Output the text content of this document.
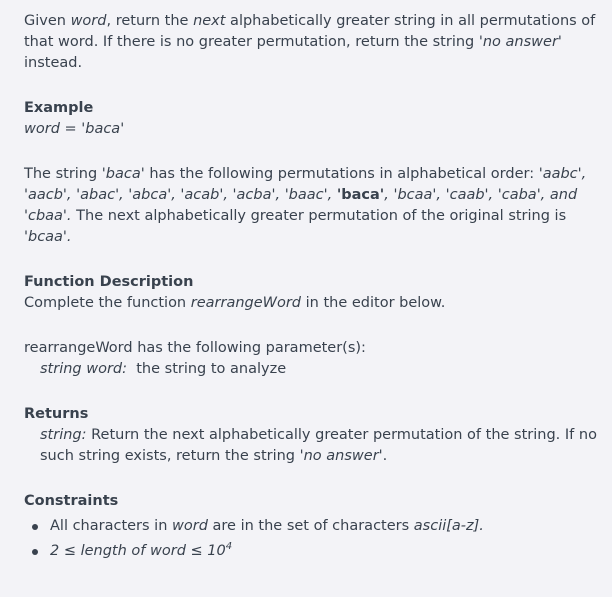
Given word, return the next alphabetically greater string in all permutations of that word. If there is no greater permutation, return the string 'no answer' instead.

Example

word = 'baca'

The string 'baca' has the following permutations in alphabetical order: 'aabc', 'aacb', 'abac', 'abca', 'acab', 'acba', 'baac', 'baca', 'bcaa', 'caab', 'caba', and 'cbaa'. The next alphabetically greater permutation of the original string is 'bcaa'.

Function Description

Complete the function rearrangeWord in the editor below.

rearrangeWord has the following parameter(s):

string word:  the string to analyze

Returns

string: Return the next alphabetically greater permutation of the string. If no such string exists, return the string 'no answer'.

Constraints

All characters in word are in the set of characters ascii[a-z].
2 ≤ length of word ≤ $10^4$
